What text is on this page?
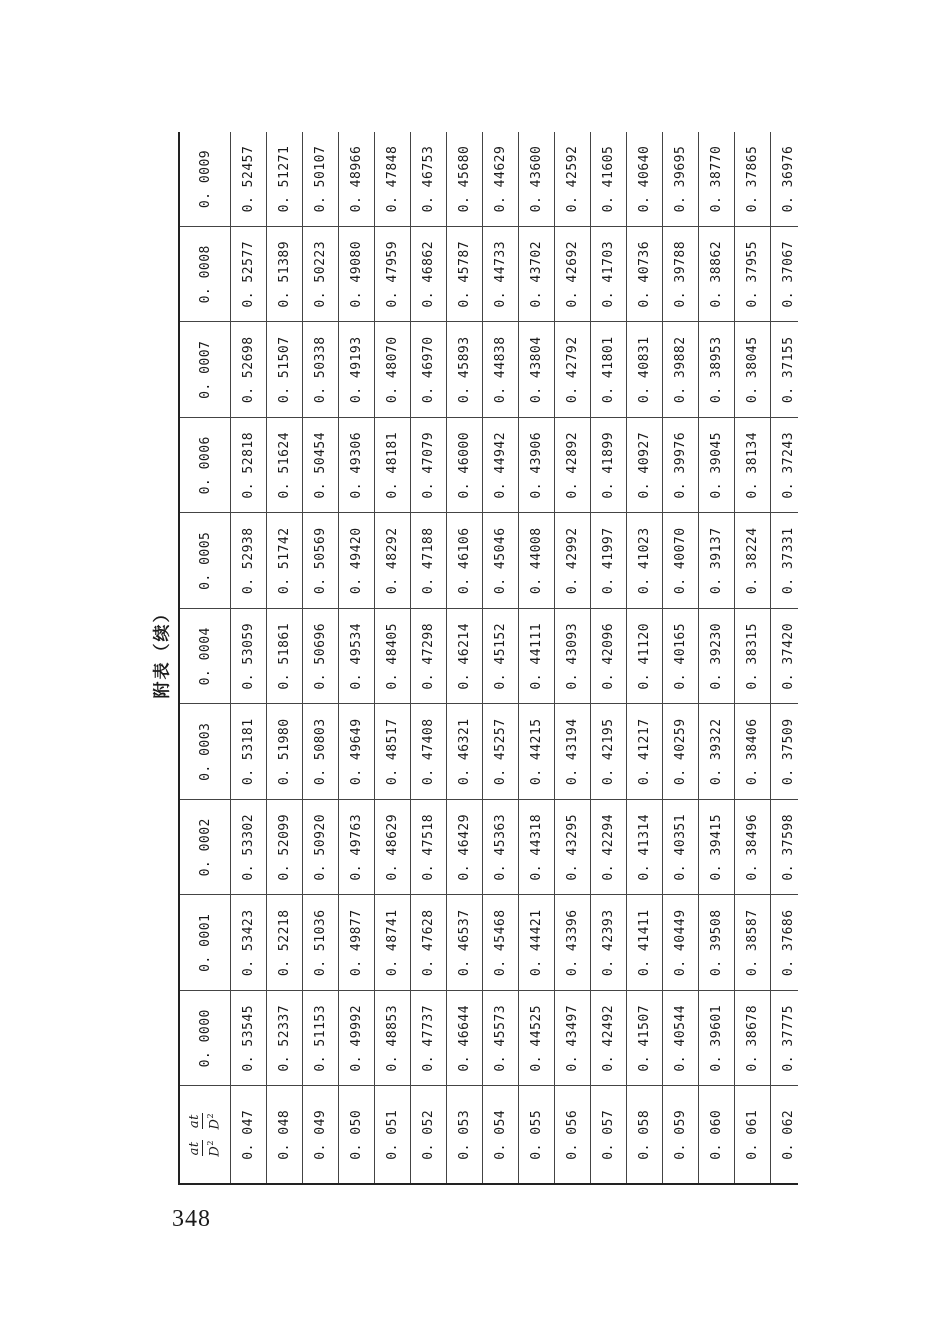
附表（续）
at $D^2$

at $D^2$	0. 0000	0. 0001	0. 0002	0. 0003	0. 0004	0. 0005	0. 0006	0. 0007	0. 0008	0. 0009
0. 047	0. 53545	0. 53423	0. 53302	0. 53181	0. 53059	0. 52938	0. 52818	0. 52698	0. 52577	0. 52457
0. 048	0. 52337	0. 52218	0. 52099	0. 51980	0. 51861	0. 51742	0. 51624	0. 51507	0. 51389	0. 51271
0. 049	0. 51153	0. 51036	0. 50920	0. 50803	0. 50696	0. 50569	0. 50454	0. 50338	0. 50223	0. 50107
0. 050	0. 49992	0. 49877	0. 49763	0. 49649	0. 49534	0. 49420	0. 49306	0. 49193	0. 49080	0. 48966
0. 051	0. 48853	0. 48741	0. 48629	0. 48517	0. 48405	0. 48292	0. 48181	0. 48070	0. 47959	0. 47848
0. 052	0. 47737	0. 47628	0. 47518	0. 47408	0. 47298	0. 47188	0. 47079	0. 46970	0. 46862	0. 46753
0. 053	0. 46644	0. 46537	0. 46429	0. 46321	0. 46214	0. 46106	0. 46000	0. 45893	0. 45787	0. 45680
0. 054	0. 45573	0. 45468	0. 45363	0. 45257	0. 45152	0. 45046	0. 44942	0. 44838	0. 44733	0. 44629
0. 055	0. 44525	0. 44421	0. 44318	0. 44215	0. 44111	0. 44008	0. 43906	0. 43804	0. 43702	0. 43600
0. 056	0. 43497	0. 43396	0. 43295	0. 43194	0. 43093	0. 42992	0. 42892	0. 42792	0. 42692	0. 42592
0. 057	0. 42492	0. 42393	0. 42294	0. 42195	0. 42096	0. 41997	0. 41899	0. 41801	0. 41703	0. 41605
0. 058	0. 41507	0. 41411	0. 41314	0. 41217	0. 41120	0. 41023	0. 40927	0. 40831	0. 40736	0. 40640
0. 059	0. 40544	0. 40449	0. 40351	0. 40259	0. 40165	0. 40070	0. 39976	0. 39882	0. 39788	0. 39695
0. 060	0. 39601	0. 39508	0. 39415	0. 39322	0. 39230	0. 39137	0. 39045	0. 38953	0. 38862	0. 38770
0. 061	0. 38678	0. 38587	0. 38496	0. 38406	0. 38315	0. 38224	0. 38134	0. 38045	0. 37955	0. 37865
0. 062	0. 37775	0. 37686	0. 37598	0. 37509	0. 37420	0. 37331	0. 37243	0. 37155	0. 37067	0. 36976
348
